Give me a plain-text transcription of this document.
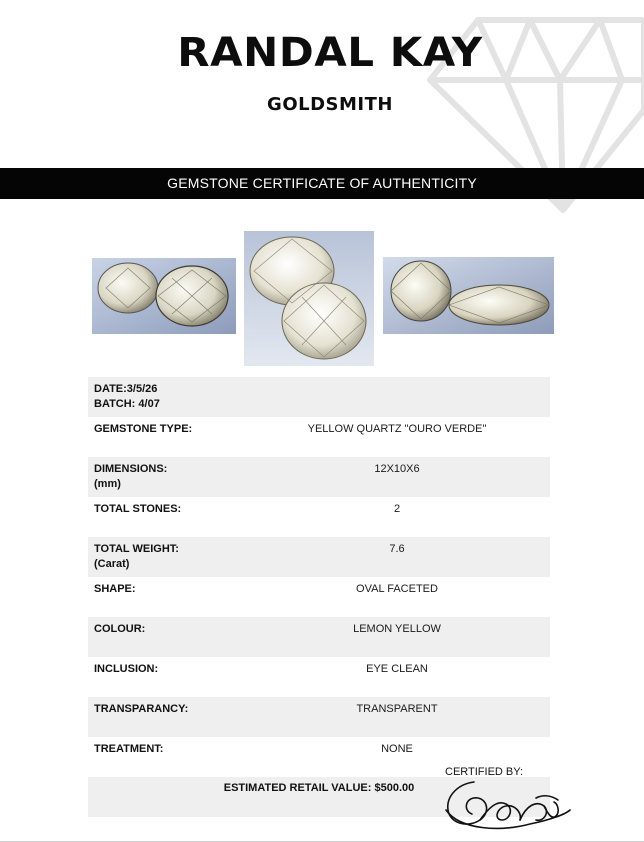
RANDAL KAY
GOLDSMITH
GEMSTONE CERTIFICATE OF AUTHENTICITY
DATE:3/5/26
BATCH: 4/07	

GEMSTONE TYPE:	YELLOW QUARTZ "OURO VERDE"

DIMENSIONS:
(mm)	12X10X6

TOTAL STONES:	2

TOTAL WEIGHT:
(Carat)	7.6

SHAPE:	OVAL FACETED

COLOUR:	LEMON YELLOW

INCLUSION:	EYE CLEAN

TRANSPARANCY:	TRANSPARENT

TREATMENT:	NONE
ESTIMATED RETAIL VALUE: $500.00	
CERTIFIED BY:
